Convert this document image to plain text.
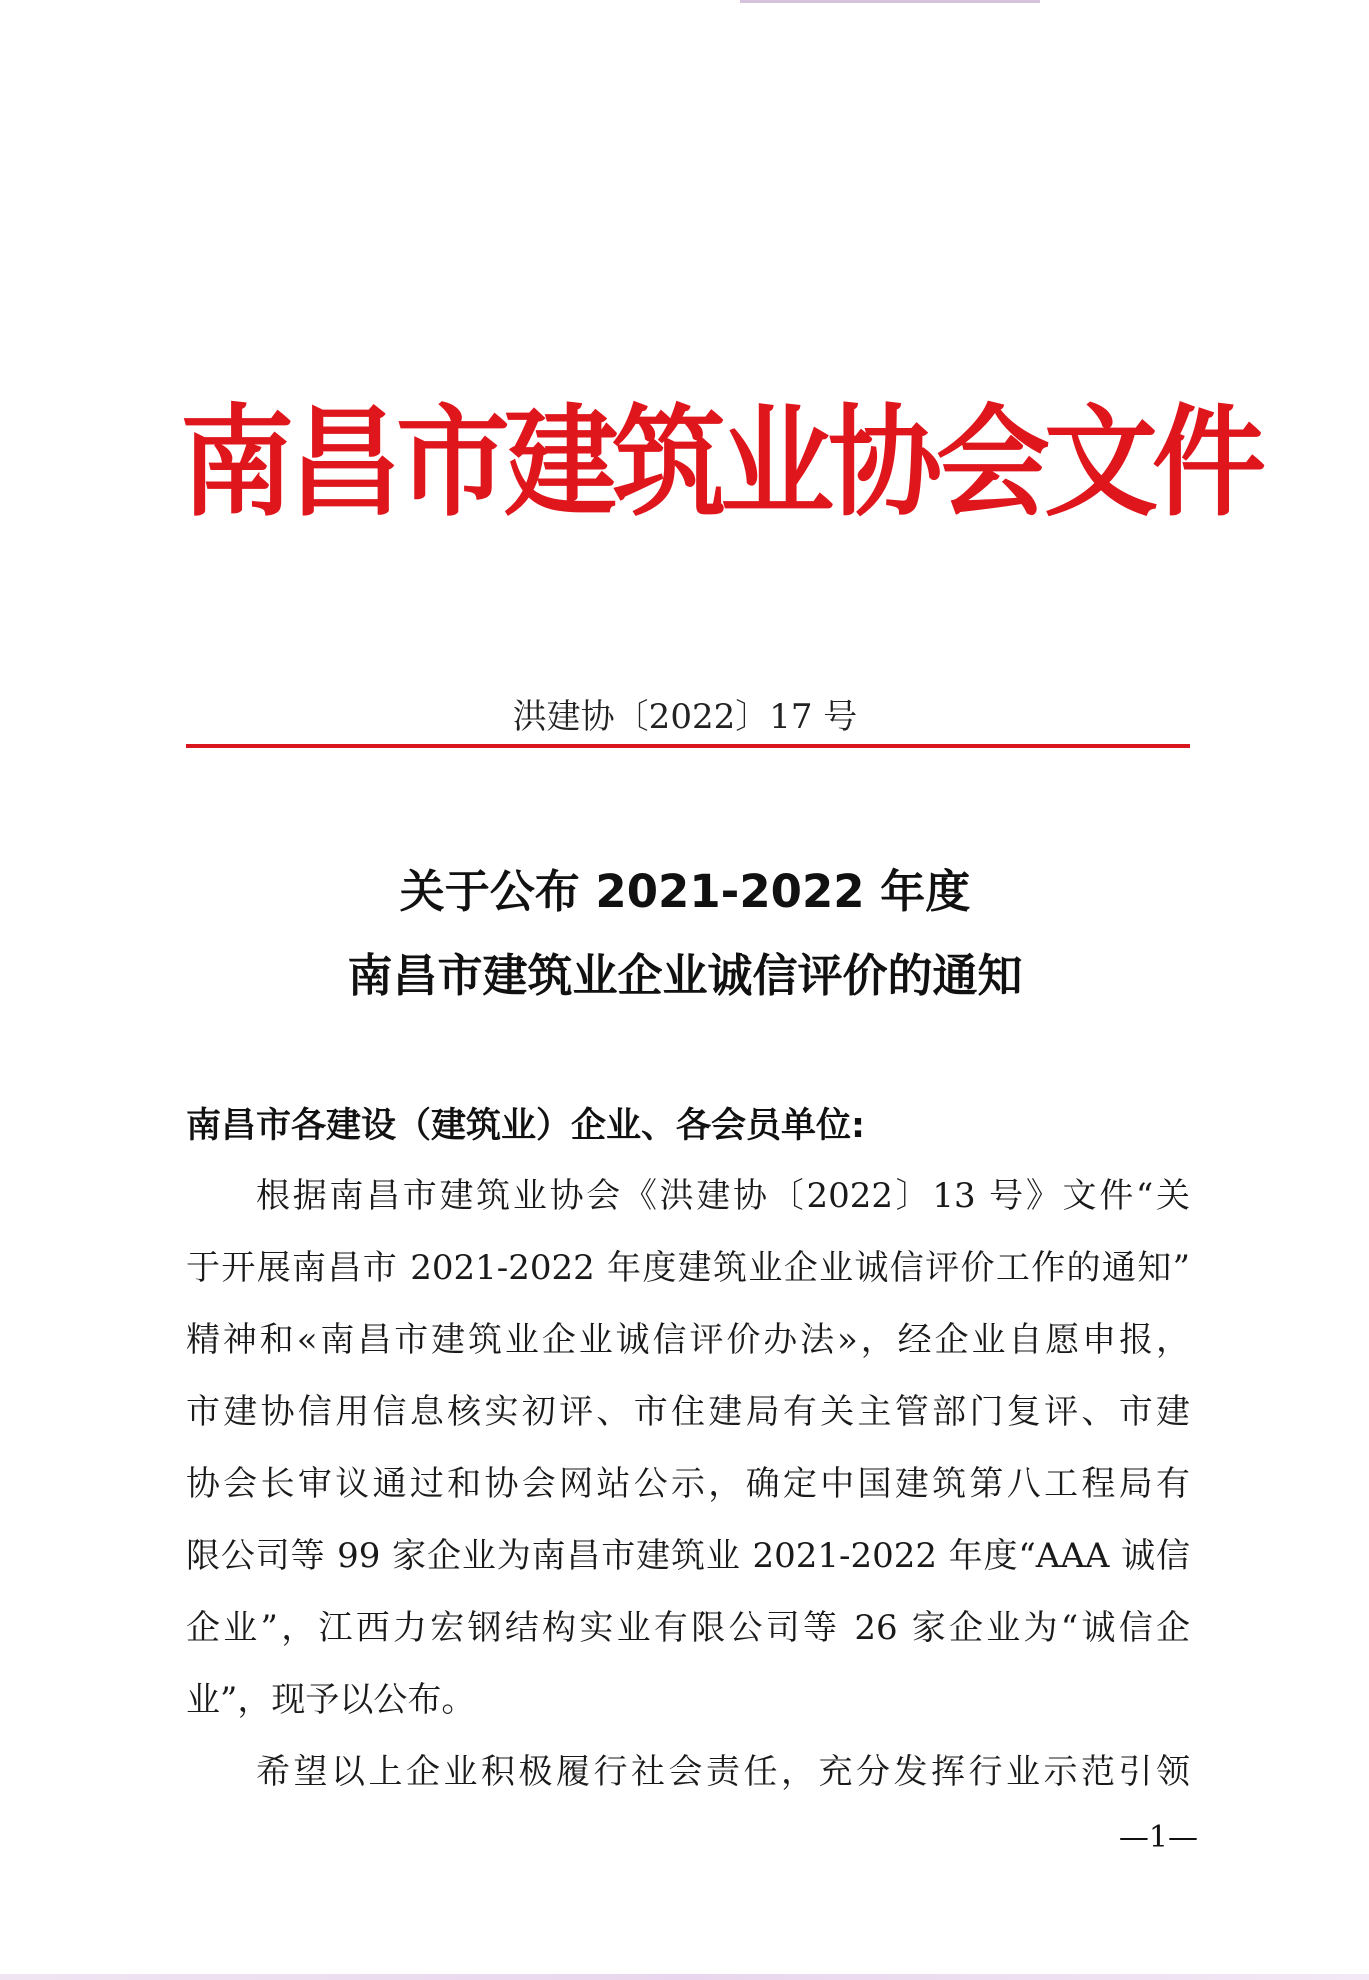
南昌市建筑业协会文件
洪建协〔2022〕17 号
关于公布 2021-2022 年度
南昌市建筑业企业诚信评价的通知
南昌市各建设（建筑业）企业、各会员单位:
根据南昌市建筑业协会《洪建协〔2022〕13 号》文件“关
于开展南昌市 2021-2022 年度建筑业企业诚信评价工作的通知”
精神和«南昌市建筑业企业诚信评价办法»，经企业自愿申报，
市建协信用信息核实初评、市住建局有关主管部门复评、市建
协会长审议通过和协会网站公示，确定中国建筑第八工程局有
限公司等 99 家企业为南昌市建筑业 2021-2022 年度“AAA 诚信
企业”，江西力宏钢结构实业有限公司等 26 家企业为“诚信企
业”，现予以公布。
希望以上企业积极履行社会责任，充分发挥行业示范引领
—1—
